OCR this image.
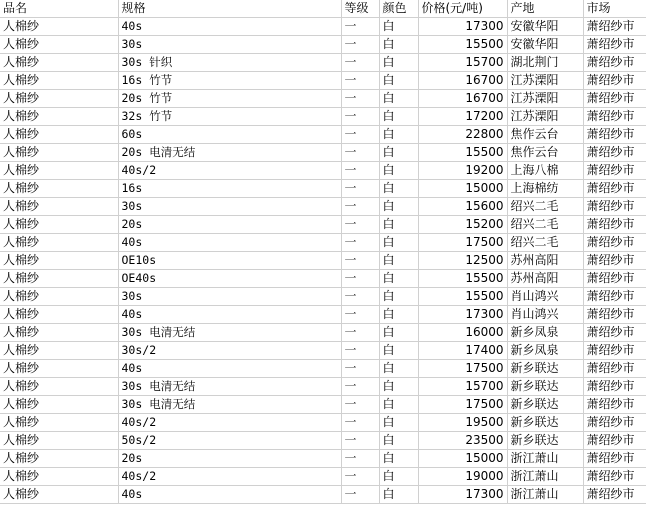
品名	规格	等级	颜色	价格(元/吨)	产地	市场
人棉纱	40s	一	白	17300	安徽华阳	萧绍纱市
人棉纱	30s	一	白	15500	安徽华阳	萧绍纱市
人棉纱	30s 针织	一	白	15700	湖北荆门	萧绍纱市
人棉纱	16s 竹节	一	白	16700	江苏溧阳	萧绍纱市
人棉纱	20s 竹节	一	白	16700	江苏溧阳	萧绍纱市
人棉纱	32s 竹节	一	白	17200	江苏溧阳	萧绍纱市
人棉纱	60s	一	白	22800	焦作云台	萧绍纱市
人棉纱	20s 电清无结	一	白	15500	焦作云台	萧绍纱市
人棉纱	40s/2	一	白	19200	上海八棉	萧绍纱市
人棉纱	16s	一	白	15000	上海棉纺	萧绍纱市
人棉纱	30s	一	白	15600	绍兴二毛	萧绍纱市
人棉纱	20s	一	白	15200	绍兴二毛	萧绍纱市
人棉纱	40s	一	白	17500	绍兴二毛	萧绍纱市
人棉纱	OE10s	一	白	12500	苏州高阳	萧绍纱市
人棉纱	OE40s	一	白	15500	苏州高阳	萧绍纱市
人棉纱	30s	一	白	15500	肖山鸿兴	萧绍纱市
人棉纱	40s	一	白	17300	肖山鸿兴	萧绍纱市
人棉纱	30s 电清无结	一	白	16000	新乡凤泉	萧绍纱市
人棉纱	30s/2	一	白	17400	新乡凤泉	萧绍纱市
人棉纱	40s	一	白	17500	新乡联达	萧绍纱市
人棉纱	30s 电清无结	一	白	15700	新乡联达	萧绍纱市
人棉纱	30s 电清无结	一	白	17500	新乡联达	萧绍纱市
人棉纱	40s/2	一	白	19500	新乡联达	萧绍纱市
人棉纱	50s/2	一	白	23500	新乡联达	萧绍纱市
人棉纱	20s	一	白	15000	浙江萧山	萧绍纱市
人棉纱	40s/2	一	白	19000	浙江萧山	萧绍纱市
人棉纱	40s	一	白	17300	浙江萧山	萧绍纱市
